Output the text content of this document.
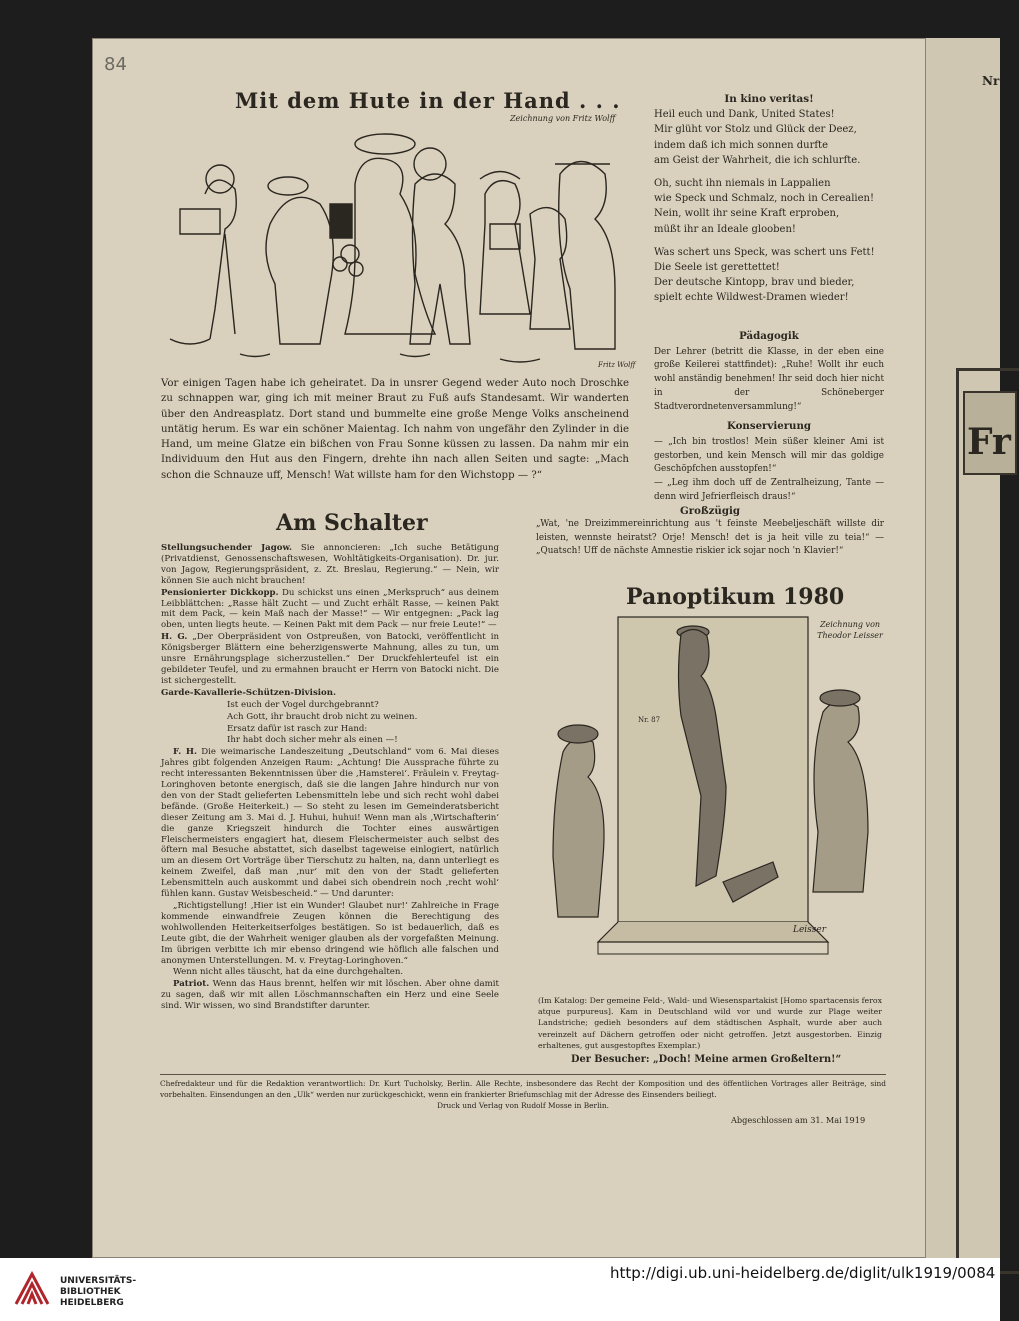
Nr
Fr
84
Mit dem Hute in der Hand . . .
Zeichnung von Fritz Wolff
Fritz Wolff
Vor einigen Tagen habe ich geheiratet. Da in unsrer Gegend weder Auto noch Droschke zu schnappen war, ging ich mit meiner Braut zu Fuß aufs Standesamt. Wir wanderten über den Andreasplatz. Dort stand und bummelte eine große Menge Volks anscheinend untätig herum. Es war ein schöner Maientag. Ich nahm von ungefähr den Zylinder in die Hand, um meine Glatze ein bißchen von Frau Sonne küssen zu lassen. Da nahm mir ein Individuum den Hut aus den Fingern, drehte ihn nach allen Seiten und sagte: „Mach schon die Schnauze uff, Mensch! Wat willste ham for den Wichstopp — ?“
Am Schalter

Stellungsuchender Jagow. Sie annoncieren: „Ich suche Betätigung (Privatdienst, Genossenschaftswesen, Wohltätigkeits-Organisation). Dr. jur. von Jagow, Regierungspräsident, z. Zt. Breslau, Regierung.“ — Nein, wir können Sie auch nicht brauchen!

Pensionierter Dickkopp. Du schickst uns einen „Merkspruch“ aus deinem Leibblättchen: „Rasse hält Zucht — und Zucht erhält Rasse, — keinen Pakt mit dem Pack, — kein Maß nach der Masse!“ — Wir entgegnen: „Pack lag oben, unten liegts heute. — Keinen Pakt mit dem Pack — nur freie Leute!“ —

H. G. „Der Oberpräsident von Ostpreußen, von Batocki, veröffentlicht in Königsberger Blättern eine beherzigenswerte Mahnung, alles zu tun, um unsre Ernährungsplage sicherzustellen.“ Der Druckfehlerteufel ist ein gebildeter Teufel, und zu ermahnen braucht er Herrn von Batocki nicht. Die ist sichergestellt.

Garde-Kavallerie-Schützen-Division.

Ist euch der Vogel durchgebrannt?

Ach Gott, ihr braucht drob nicht zu weinen.

Ersatz dafür ist rasch zur Hand:

Ihr habt doch sicher mehr als einen —!

F. H. Die weimarische Landeszeitung „Deutschland“ vom 6. Mai dieses Jahres gibt folgenden Anzeigen Raum: „Achtung! Die Aussprache führte zu recht interessanten Bekenntnissen über die ‚Hamsterei‘. Fräulein v. Freytag-Loringhoven betonte energisch, daß sie die langen Jahre hindurch nur von den von der Stadt gelieferten Lebensmitteln lebe und sich recht wohl dabei befände. (Große Heiterkeit.) — So steht zu lesen im Gemeinderatsbericht dieser Zeitung am 3. Mai d. J. Huhui, huhui! Wenn man als ‚Wirtschafterin‘ die ganze Kriegszeit hindurch die Tochter eines auswärtigen Fleischermeisters engagiert hat, diesem Fleischermeister auch selbst des öftern mal Besuche abstattet, sich daselbst tageweise einlogiert, natürlich um an diesem Ort Vorträge über Tierschutz zu halten, na, dann unterliegt es keinem Zweifel, daß man ‚nur‘ mit den von der Stadt gelieferten Lebensmitteln auch auskommt und dabei sich obendrein noch ‚recht wohl‘ fühlen kann. Gustav Weisbescheid.“ — Und darunter:

„Richtigstellung! ‚Hier ist ein Wunder! Glaubet nur!‘ Zahlreiche in Frage kommende einwandfreie Zeugen können die Berechtigung des wohlwollenden Heiterkeitserfolges bestätigen. So ist bedauerlich, daß es Leute gibt, die der Wahrheit weniger glauben als der vorgefaßten Meinung. Im übrigen verbitte ich mir ebenso dringend wie höflich alle falschen und anonymen Unterstellungen. M. v. Freytag-Loringhoven.“

Wenn nicht alles täuscht, hat da eine durchgehalten.

Patriot. Wenn das Haus brennt, helfen wir mit löschen. Aber ohne damit zu sagen, daß wir mit allen Löschmannschaften ein Herz und eine Seele sind. Wir wissen, wo sind Brandstifter darunter.

In kino veritas!

Heil euch und Dank, United States!

Mir glüht vor Stolz und Glück der Deez,

indem daß ich mich sonnen durfte

am Geist der Wahrheit, die ich schlurfte.

Oh, sucht ihn niemals in Lappalien

wie Speck und Schmalz, noch in Cerealien!

Nein, wollt ihr seine Kraft erproben,

müßt ihr an Ideale glooben!

Was schert uns Speck, was schert uns Fett!

Die Seele ist gerettettet!

Der deutsche Kintopp, brav und bieder,

spielt echte Wildwest-Dramen wieder!

Pädagogik

Der Lehrer (betritt die Klasse, in der eben eine große Keilerei stattfindet): „Ruhe! Wollt ihr euch wohl anständig benehmen! Ihr seid doch hier nicht in der Schöneberger Stadtverordnetenversammlung!“

Konservierung

— „Ich bin trostlos! Mein süßer kleiner Ami ist gestorben, und kein Mensch will mir das goldige Geschöpfchen ausstopfen!“

— „Leg ihm doch uff de Zentralheizung, Tante — denn wird Jefrierfleisch draus!“

Großzügig

„Wat, 'ne Dreizimmereinrichtung aus 't feinste Meebeljeschäft willste dir leisten, wennste heiratst? Orje! Mensch! det is ja heit ville zu teia!“ — „Quatsch! Uff de nächste Amnestie riskier ick sojar noch 'n Klavier!“

Panoptikum 1980
Zeichnung von Theodor Leisser
Nr. 87
Leisser
(Im Katalog: Der gemeine Feld-, Wald- und Wiesenspartakist [Homo spartacensis ferox atque purpureus]. Kam in Deutschland wild vor und wurde zur Plage weiter Landstriche; gedieh besonders auf dem städtischen Asphalt, wurde aber auch vereinzelt auf Dächern getroffen oder nicht getroffen. Jetzt ausgestorben. Einzig erhaltenes, gut ausgestopftes Exemplar.)
Der Besucher: „Doch! Meine armen Großeltern!“
Chefredakteur und für die Redaktion verantwortlich: Dr. Kurt Tucholsky, Berlin. Alle Rechte, insbesondere das Recht der Komposition und des öffentlichen Vortrages aller Beiträge, sind vorbehalten. Einsendungen an den „Ulk“ werden nur zurückgeschickt, wenn ein frankierter Briefumschlag mit der Adresse des Einsenders beiliegt.
Druck und Verlag von Rudolf Mosse in Berlin.
Abgeschlossen am 31. Mai 1919
UNIVERSITÄTS-
BIBLIOTHEK
HEIDELBERG
http://digi.ub.uni-heidelberg.de/diglit/ulk1919/0084
